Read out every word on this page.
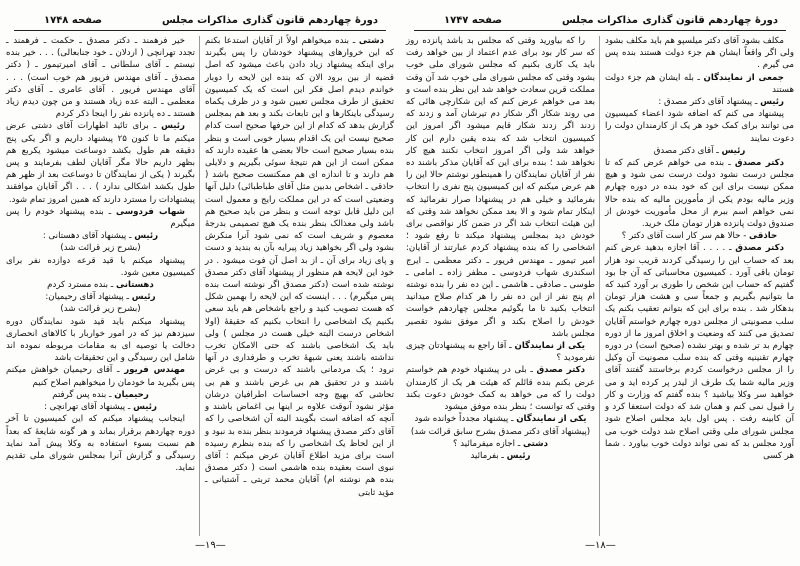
دورهٔ چهاردهم قانون گذاری
مذاکرات مجلس
صفحه ۱۷۴۸

دشتی ـ بنده میخواهم اولاً از آقایان استدعا بکنم که این خروارهای پیشنهاد خودشان را پس بگیرند برای اینکه پیشنهاد زیاد دادن باعث میشود که اصل قضیه از بین برود الان که بنده این لایحه را دوبار خواندم دیدم اصل فکر این است که یک کمیسیون تحقیق از طرف مجلس تعیین شود و در ظرف یکماه رسیدگی باینکارها و این تابعات بکند و بعد هم بمجلس گزارش بدهد که کدام از این حرفها صحیح است کدام صحیح نیست این یک اقدام بسیار خوبی است و بنظر بنده بسیار صحیح است حالا بعضی ها عقیده دارند که ممکن است از این هم نتیجهٔ سوئی بگیریم و دلایلی هم دارند و تا اندازه ای هم ممکنست صحیح باشد ( حاذقی ـ اشخاص بدبین مثل آقای طباطبائی) دلیل آنها وضعیتی است که در این مملکت رایج و معمول است این دلیل قابل توجه است و بنظر من باید صحیح هم باشد ولی معذالک بنظر بنده یک هیچ تصمیمی بدرجهٔ معصوم و شریف است که نمی شود آنرا منکرش بشود ولی اگر بخواهید زیاد پیرایه بآن به بندید و دست و پای زیاد برای آن ـ از بد اصل آن فوت میشود . در خود این لایحه هم منظور از پیشنهاد آقای دکتر مصدق نوشته شده است (دکتر مصدق اگر نوشته است بنده پس میگیرم) . . . اینست که این لایحه را بهمین شکل که هست تصویب کنید و راجع باشخاص هم باید سعی بکنیم یک اشخاصی را انتخاب بکنیم که حقیقهٔ (اولا اشخاص درست البته خیلی هست در مجلس ) ولی باید یک اشخاصی باشند که حتی الامکان تخرب نداشته باشند یعنی شبههٔ تخرب و طرفداری در آنها نرود ؛ یک مردمانی باشند که درست و بی غرض باشند و در تحقیق هم بی غرض باشند و هم بی تحاشی که بهیچ وجه احساسات اطرافیان درشان مؤثر نشود آنوقت علاوه بر اینها بی اغماض باشند و آنچه که اضافه است بگویند البته آن اشخاصی را که آقای دکتر مصدق پیشنهاد فرمودند بنظر بنده بد نبود و از این لحاظ یک اشخاصی را که بنده بنظرم رسیده است برای مزید اطلاع آقایان عرض میکنم : آقای نبوی است بعقیده بنده هاشمی است ( دکتر مصدق بنده هم نوشته ام) آقایان محمد تربتی ـ آشتیانی ـ مؤید ثابتی

خیر فرهمند ـ دکتر مصدق ـ حکمت ـ فرهمند ـ تجدد تهرانچی ( اردلان ـ خود جنابعالی) . . . خیر بنده نیستم ـ آقای سلطانی ـ آقای امیرتیمور ـ ( دکتر مصدق ـ آقای مهندس فریور هم خوب است) . . . آقای مهندس فریور . آقای عامری ـ آقای دکتر معظمی ـ البته عده زیاد هستند و من چون دیدم زیاد هستند ـ ده پانزده نفر را اینجا ذکر کردم

رئیس ـ برای تائید اظهارات آقای دشتی عرض میکنم ما تا کنون ۲۵ پیشنهاد داریم و اگر یکی پنج دقیقه هم طول بکشد دوساعت میشود یکربع هم بظهر داریم حالا مگر آقایان لطف بفرمایند و پس بگیرند ( یکی از نمایندگان تا دوساعت بعد از ظهر هم طول بکشد اشکالی ندارد ) . . . اگر آقایان موافقند پیشنهادات را مسترد دارند که همین امروز تمام شود.

شهاب فردوسی ـ بنده پیشنهاد خودم را پس میگیرم

رئیس ـ پیشنهاد آقای دهستانی :

(بشرح زیر قرائت شد)

پیشنهاد میکنم با قید قرعه دوازده نفر برای کمیسیون معین شود.

دهستانی ـ بنده مسترد کردم

رئیس ـ پیشنهاد آقای رحیمیان:

(بشرح زیر قرائت شد)

پیشنهاد میکنم باید قید شود نمایندگان دوره سیزدهم نیز که در امور خواربار با کالاهای انحصاری دخالت یا توصیه ای به مقامات مربوطه نموده اند شامل این رسیدگی و این تحقیقات باشد

مهندس فریور ـ آقای رحیمیان خواهش میکنم پس بگیرید ما خودمان را میخواهیم اصلاح کنیم

رحیمیان ـ بنده پس گرفتم

رئیس ـ پیشنهاد آقای تهرانچی :

اینجانب پیشنهاد میکنم که این کمیسیون تا آخر دوره چهاردهم برقرار بماند و هر گونه شایعهٔ که بعداً هم نسبت بسوء استفاده به وکلا پیش آمد نماید رسیدگی و گزارش آنرا بمجلس شورای ملی تقدیم نماید.

—۱۹—
دورهٔ چهاردهم قانون گذاری
مذاکرات مجلس
صفحه ۱۷۴۷

مکلف بشود آقای دکتر میلسپو هم باید مکلف بشود ولی اگر واقعاً ایشان هم جزء دولت هستند بنده پس می گیرم .

جمعی از نمایندگان ـ بله ایشان هم جزء دولت هستند

رئیس ـ پیشنهاد آقای دکتر مصدق :

پیشنهاد می کنم که اضافه شود اعضاء کمیسیون می توانند برای کمک خود هر یک از کارمندان دولت را دعوت نمایند

رئیس ـ آقای دکتر مصدق

دکتر مصدق ـ بنده می خواهم عرض کنم که تا مجلس درست نشود دولت درست نمی شود و هیچ ممکن نیست برای این که خود بنده در دوره چهارم وزیر مالیه بودم یکی از مأمورین مالیه که بنده حالا نمی خواهم اسم ببرم از محل مأموریت خودش از صندوق دولت پانزده هزار تومان ملک خرید.

حاذقی - حالا هم سر کار است آقای دکتر ؟

دکتر مصدق ـ . . . . آقا اجازه بدهید عرض کنم بعد که حساب این را رسیدگی کردند قریب نود هزار تومان باقی آورد . کمیسیون محاسباتی که آن جا بود گفتیم که حساب این شخص را طوری بر آورد کنید که ما بتوانیم بگیریم و جمعاً سی و هشت هزار تومان بدهکار شد . بنده برای این که بتوانم تعقیب بکنم یک سلب مصونیتی از مجلس دوره چهارم خواستم آقایان تصدیق می کنند که وضعیت و اخلاق امروز ما از دوره چهارم بد تر شده و بهتر نشده (صحیح است) در دوره چهارم تقنینیه وقتی که بنده سلب مصونیت آن وکیل را از مجلس درخواست کردم برخاستند گفتند آقای وزیر مالیه شما یک طرف از لیدر پر کرده اید و می خواهید سر وکلا بیاشید ؟ بنده گفتم که وزارت و کار را قبول نمی کنم و همان شد که دولت استعفا کرد و آن کابینه رفت . پس اول باید مجلس اصلاح شود مجلس شورای ملی وقتی اصلاح شد دولت خوب می آورد مجلس بد که نمی تواند دولت خوب بیاورد . شما هر کسی

را که بیاورید وقتی که مجلس بد باشد پانزده روز که سر کار بود برای عدم اعتماد از بین خواهد رفت باید یک کاری بکنیم که مجلس شورای ملی خوب بشود وقتی که مجلس شورای ملی خوب شد آن وقت مملکت قرین سعادت خواهد شد این نظر بنده است و بعد می خواهم عرض کنم که این شکارچی هائی که می روند شکار اگر شکار دم تیرشان آمد و زدند که زدند اگر زدند شکار قایم میشود اگر امروز این کمیسیون انتخاب شد که بنده یقین دارم این کار خواهد شد ولی اگر امروز انتخاب نکنند هیچ کار نخواهد شد ؛ بنده برای این که آقایان مذکر باشند ده نفر از آقایان نمایندگان را همینطور نوشتم حالا این را هم عرض میکنم که این کمیسیون پنج نفری را انتخاب بفرمائید و خیلی هم در پیشنهادا صرار نفرمائید که اینکار تمام شود و الا بعد ممکن نخواهد شد وقتی که این هیئت انتخاب شد اگر در ضمن کار نواقصی برای خودش دید بمجلس پیشنهاد میکند تا رفع شود ؛ اشخاصی را که بنده پیشنهاد کردم عبارتند از آقایان: امیر تیمور ـ مهندس فریور ـ دکتر معظمی ـ ایرج اسکندری شهاب فردوسی ـ مظفر زاده ـ امامی ـ طوسی ـ صادقی ـ هاشمی ـ این ده نفر را بنده نوشته ام پنج نفر از این ده نفر را هر کدام صلاح میدانید انتخاب بکنید تا ما بگوئیم مجلس چهاردهم خواست خودش را اصلاح بکند و اگر موفق نشود تقصیر مجلس باشد

یکی از نمایندگان ـ آقا راجع به پیشنهادتان چیزی نفرمودید ؟

دکتر مصدق ـ بلی در پیشنهاد خودم هم خواستم عرض بکنم بنده قائلم که هیئت هر یک از کارمندان دولت را که می خواهد به کمک خودش دعوت بکند وقتی که توانست ؛ بنظر بنده موفق میشود

یکی از نمایندگان ـ پیشنهاد مجدداً خوانده شود

(پیشنهاد آقای دکتر مصدق بشرح سابق قرائت شد)

دشتی ـ اجازه میفرمائید ؟

رئیس ـ بفرمائید

—۱۸—
